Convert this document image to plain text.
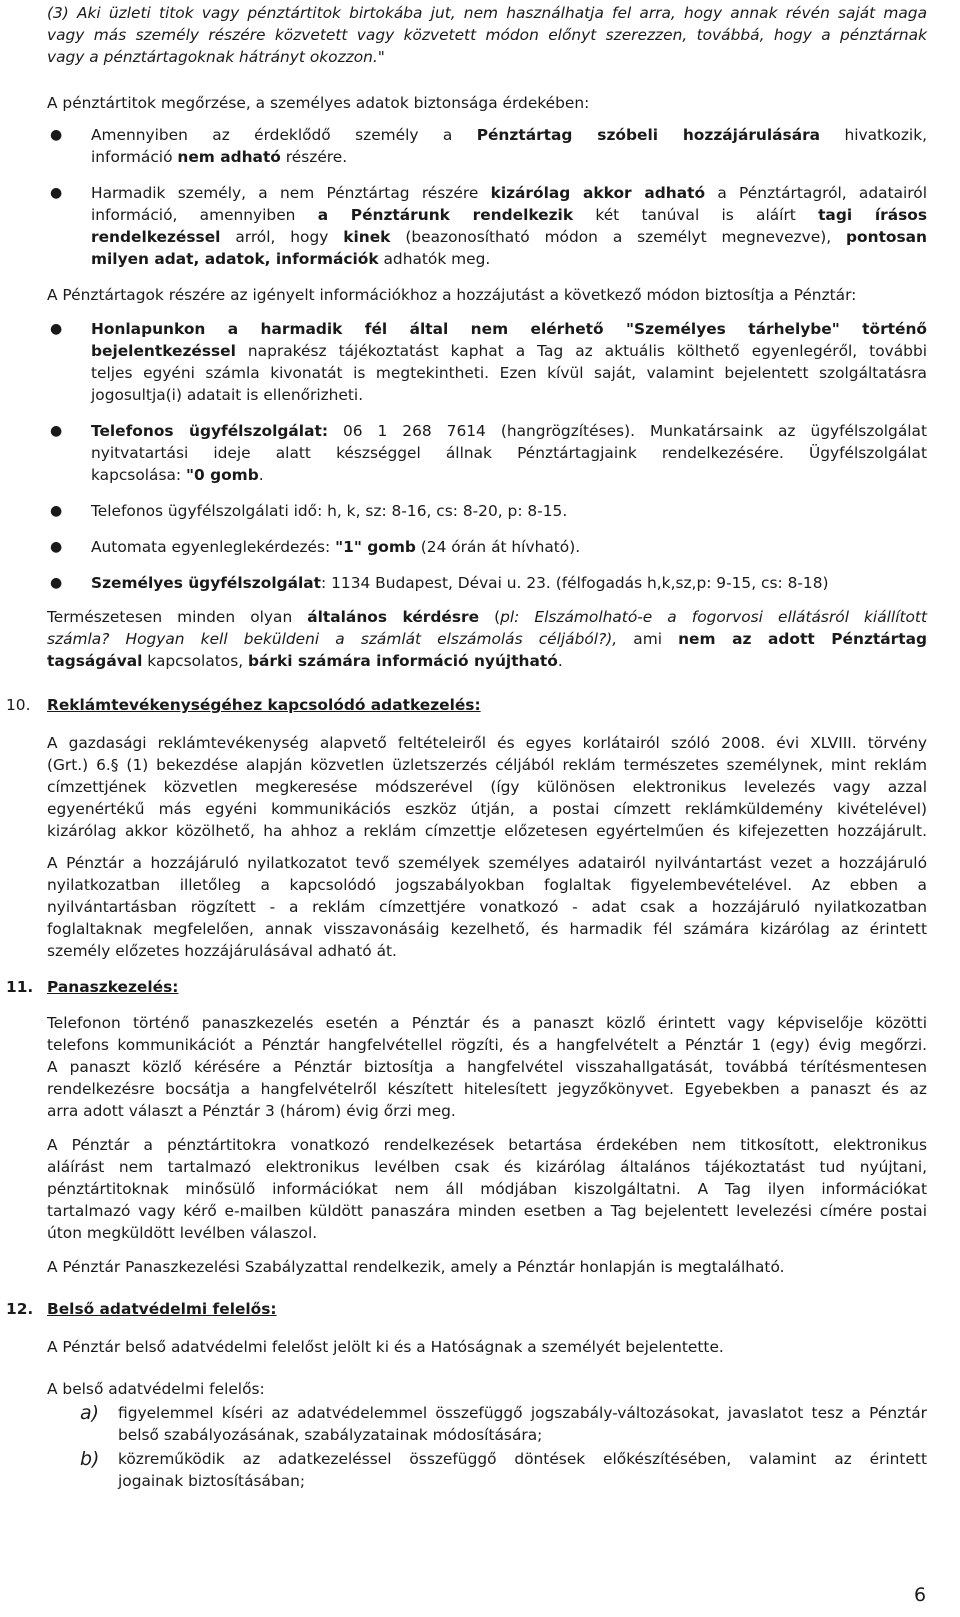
(3) Aki üzleti titok vagy pénztártitok birtokába jut, nem használhatja fel arra, hogy annak révén saját maga
vagy más személy részére közvetett vagy közvetett módon előnyt szerezzen, továbbá, hogy a pénztárnak
vagy a pénztártagoknak hátrányt okozzon."
A pénztártitok megőrzése, a személyes adatok biztonsága érdekében:
● Amennyiben az érdeklődő személy a Pénztártag szóbeli hozzájárulására hivatkozik,
információ nem adható részére.
● Harmadik személy, a nem Pénztártag részére kizárólag akkor adható a Pénztártagról, adatairól
információ, amennyiben a Pénztárunk rendelkezik két tanúval is aláírt tagi írásos
rendelkezéssel arról, hogy kinek (beazonosítható módon a személyt megnevezve), pontosan
milyen adat, adatok, információk adhatók meg.
A Pénztártagok részére az igényelt információkhoz a hozzájutást a következő módon biztosítja a Pénztár:
● Honlapunkon a harmadik fél által nem elérhető "Személyes tárhelybe" történő
bejelentkezéssel naprakész tájékoztatást kaphat a Tag az aktuális költhető egyenlegéről, további
teljes egyéni számla kivonatát is megtekintheti. Ezen kívül saját, valamint bejelentett szolgáltatásra
jogosultja(i) adatait is ellenőrizheti.
● Telefonos ügyfélszolgálat: 06 1 268 7614 (hangrögzítéses). Munkatársaink az ügyfélszolgálat
nyitvatartási ideje alatt készséggel állnak Pénztártagjaink rendelkezésére. Ügyfélszolgálat
kapcsolása: "0 gomb.
● Telefonos ügyfélszolgálati idő: h, k, sz: 8-16, cs: 8-20, p: 8-15.
● Automata egyenleglekérdezés: "1" gomb (24 órán át hívható).
● Személyes ügyfélszolgálat: 1134 Budapest, Dévai u. 23. (félfogadás h,k,sz,p: 9-15, cs: 8-18)
Természetesen minden olyan általános kérdésre (pl: Elszámolható-e a fogorvosi ellátásról kiállított
számla? Hogyan kell beküldeni a számlát elszámolás céljából?), ami nem az adott Pénztártag
tagságával kapcsolatos, bárki számára információ nyújtható.
10. Reklámtevékenységéhez kapcsolódó adatkezelés:
A gazdasági reklámtevékenység alapvető feltételeiről és egyes korlátairól szóló 2008. évi XLVIII. törvény
(Grt.) 6.§ (1) bekezdése alapján közvetlen üzletszerzés céljából reklám természetes személynek, mint reklám
címzettjének közvetlen megkeresése módszerével (így különösen elektronikus levelezés vagy azzal
egyenértékű más egyéni kommunikációs eszköz útján, a postai címzett reklámküldemény kivételével)
kizárólag akkor közölhető, ha ahhoz a reklám címzettje előzetesen egyértelműen és kifejezetten hozzájárult.
A Pénztár a hozzájáruló nyilatkozatot tevő személyek személyes adatairól nyilvántartást vezet a hozzájáruló
nyilatkozatban illetőleg a kapcsolódó jogszabályokban foglaltak figyelembevételével. Az ebben a
nyilvántartásban rögzített - a reklám címzettjére vonatkozó - adat csak a hozzájáruló nyilatkozatban
foglaltaknak megfelelően, annak visszavonásáig kezelhető, és harmadik fél számára kizárólag az érintett
személy előzetes hozzájárulásával adható át.
11. Panaszkezelés:
Telefonon történő panaszkezelés esetén a Pénztár és a panaszt közlő érintett vagy képviselője közötti
telefons kommunikációt a Pénztár hangfelvétellel rögzíti, és a hangfelvételt a Pénztár 1 (egy) évig megőrzi.
A panaszt közlő kérésére a Pénztár biztosítja a hangfelvétel visszahallgatását, továbbá térítésmentesen
rendelkezésre bocsátja a hangfelvételről készített hitelesített jegyzőkönyvet. Egyebekben a panaszt és az
arra adott választ a Pénztár 3 (három) évig őrzi meg.
A Pénztár a pénztártitokra vonatkozó rendelkezések betartása érdekében nem titkosított, elektronikus
aláírást nem tartalmazó elektronikus levélben csak és kizárólag általános tájékoztatást tud nyújtani,
pénztártitoknak minősülő információkat nem áll módjában kiszolgáltatni. A Tag ilyen információkat
tartalmazó vagy kérő e-mailben küldött panaszára minden esetben a Tag bejelentett levelezési címére postai
úton megküldött levélben válaszol.
A Pénztár Panaszkezelési Szabályzattal rendelkezik, amely a Pénztár honlapján is megtalálható.
12. Belső adatvédelmi felelős:
A Pénztár belső adatvédelmi felelőst jelölt ki és a Hatóságnak a személyét bejelentette.
A belső adatvédelmi felelős:
a) figyelemmel kíséri az adatvédelemmel összefüggő jogszabály-változásokat, javaslatot tesz a Pénztár
belső szabályozásának, szabályzatainak módosítására;
b) közreműködik az adatkezeléssel összefüggő döntések előkészítésében, valamint az érintett
jogainak biztosításában;
6
